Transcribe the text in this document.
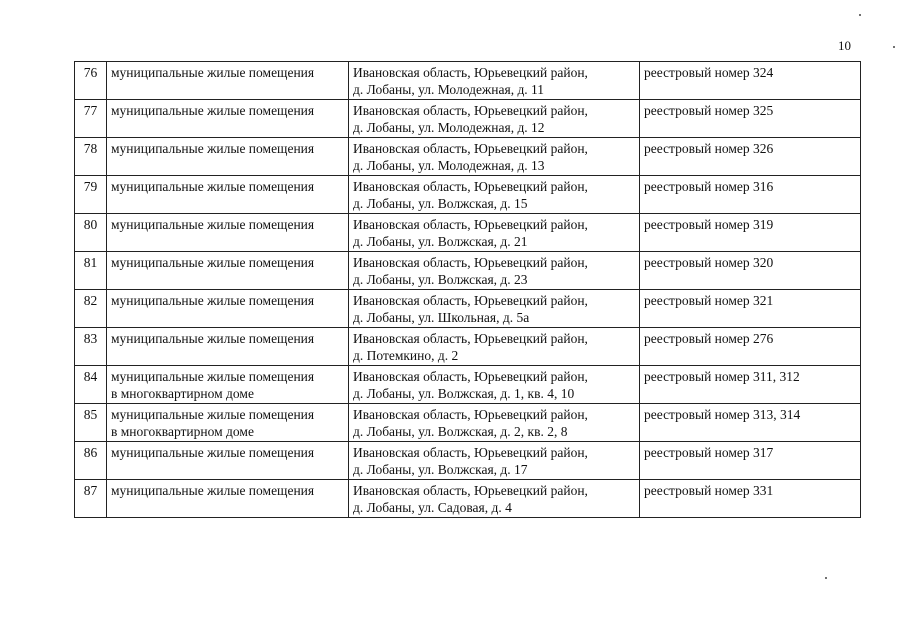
10
76	муниципальные жилые помещения	Ивановская область, Юрьевецкий район,
д. Лобаны, ул. Молодежная, д. 11	реестровый номер 324

77	муниципальные жилые помещения	Ивановская область, Юрьевецкий район,
д. Лобаны, ул. Молодежная, д. 12	реестровый номер 325

78	муниципальные жилые помещения	Ивановская область, Юрьевецкий район,
д. Лобаны, ул. Молодежная, д. 13	реестровый номер 326

79	муниципальные жилые помещения	Ивановская область, Юрьевецкий район,
д. Лобаны, ул. Волжская, д. 15	реестровый номер 316

80	муниципальные жилые помещения	Ивановская область, Юрьевецкий район,
д. Лобаны, ул. Волжская, д. 21	реестровый номер 319

81	муниципальные жилые помещения	Ивановская область, Юрьевецкий район,
д. Лобаны, ул. Волжская, д. 23	реестровый номер 320

82	муниципальные жилые помещения	Ивановская область, Юрьевецкий район,
д. Лобаны, ул. Школьная, д. 5а	реестровый номер 321

83	муниципальные жилые помещения	Ивановская область, Юрьевецкий район,
д. Потемкино, д. 2	реестровый номер 276

84	муниципальные жилые помещения
в многоквартирном доме	Ивановская область, Юрьевецкий район,
д. Лобаны, ул. Волжская, д. 1, кв. 4, 10	реестровый номер 311, 312

85	муниципальные жилые помещения
в многоквартирном доме	Ивановская область, Юрьевецкий район,
д. Лобаны, ул. Волжская, д. 2, кв. 2, 8	реестровый номер 313, 314

86	муниципальные жилые помещения	Ивановская область, Юрьевецкий район,
д. Лобаны, ул. Волжская, д. 17	реестровый номер 317

87	муниципальные жилые помещения	Ивановская область, Юрьевецкий район,
д. Лобаны, ул. Садовая, д. 4	реестровый номер 331
